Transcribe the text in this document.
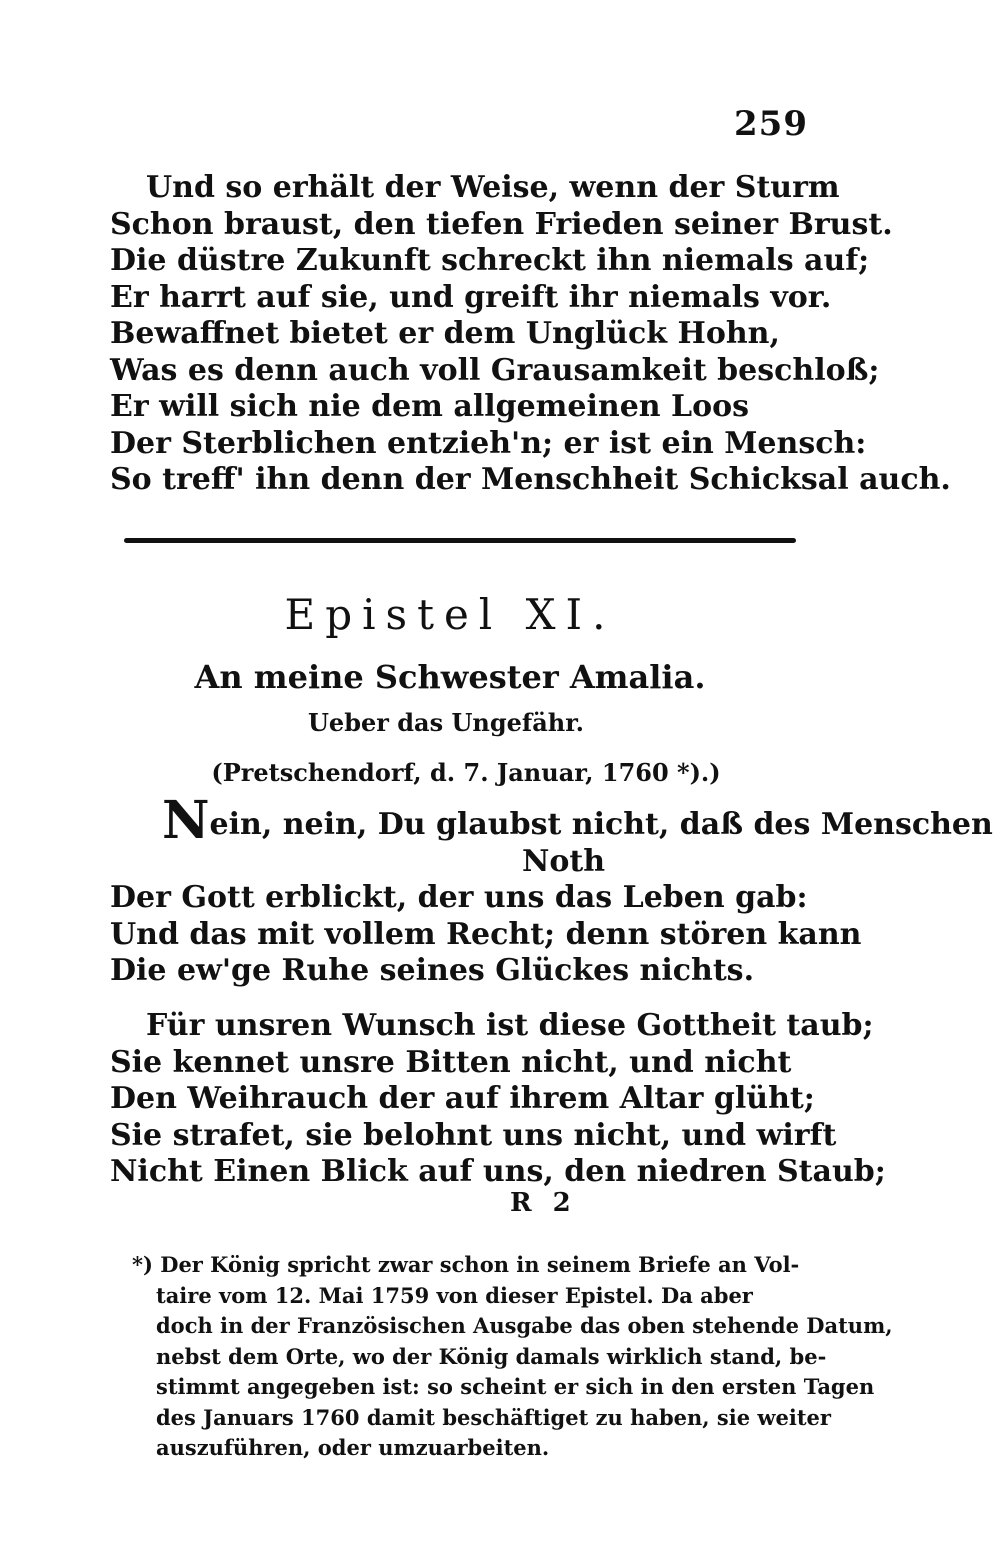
259
Und so erhält der Weise, wenn der Sturm
Schon braust, den tiefen Frieden seiner Brust.
Die düstre Zukunft schreckt ihn niemals auf;
Er harrt auf sie, und greift ihr niemals vor.
Bewaffnet bietet er dem Unglück Hohn,
Was es denn auch voll Grausamkeit beschloß;
Er will sich nie dem allgemeinen Loos
Der Sterblichen entzieh'n; er ist ein Mensch:
So treff' ihn denn der Menschheit Schicksal auch.
Epistel XI.
An meine Schwester Amalia.
Ueber das Ungefähr.
(Pretschendorf, d. 7. Januar, 1760 *).)
Nein, nein, Du glaubst nicht, daß des Menschen
Noth
Der Gott erblickt, der uns das Leben gab:
Und das mit vollem Recht; denn stören kann
Die ew'ge Ruhe seines Glückes nichts.
Für unsren Wunsch ist diese Gottheit taub;
Sie kennet unsre Bitten nicht, und nicht
Den Weihrauch der auf ihrem Altar glüht;
Sie strafet, sie belohnt uns nicht, und wirft
Nicht Einen Blick auf uns, den niedren Staub;
R 2
*) Der König spricht zwar schon in seinem Briefe an Vol-
taire vom 12. Mai 1759 von dieser Epistel. Da aber
doch in der Französischen Ausgabe das oben stehende Datum,
nebst dem Orte, wo der König damals wirklich stand, be-
stimmt angegeben ist: so scheint er sich in den ersten Tagen
des Januars 1760 damit beschäftiget zu haben, sie weiter
auszuführen, oder umzuarbeiten.
